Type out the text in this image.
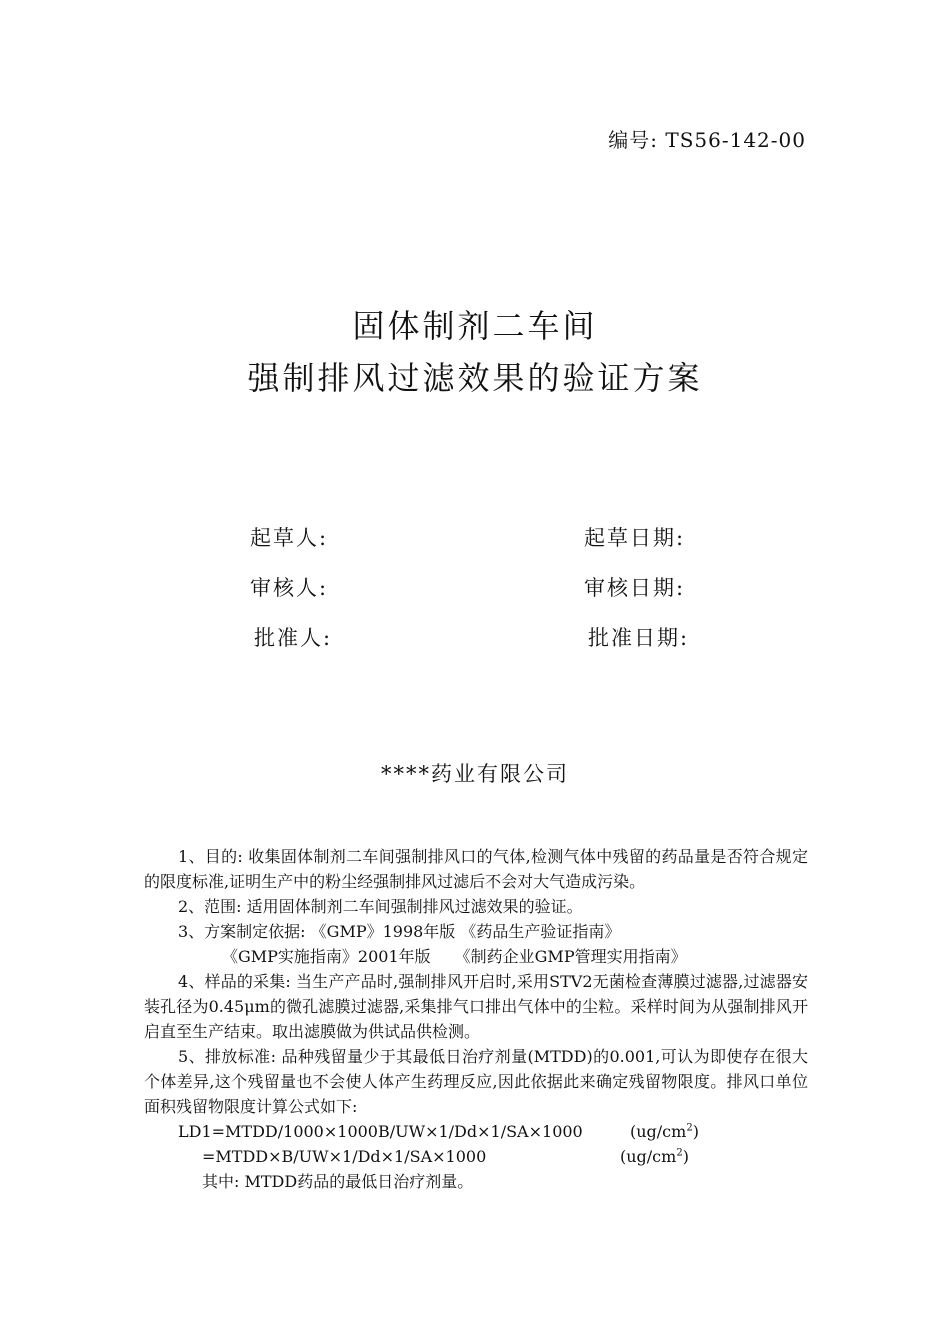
编号: TS56-142-00
固体制剂二车间
强制排风过滤效果的验证方案
起草人:	起草日期:
审核人:	审核日期:
批准人:	批准日期:
****药业有限公司

1、目的: 收集固体制剂二车间强制排风口的气体,检测气体中残留的药品量是否符合规定的限度标准,证明生产中的粉尘经强制排风过滤后不会对大气造成污染。

2、范围: 适用固体制剂二车间强制排风过滤效果的验证。

3、方案制定依据: 《GMP》1998年版 《药品生产验证指南》

《GMP实施指南》2001年版　　《制药企业GMP管理实用指南》

4、样品的采集: 当生产产品时,强制排风开启时,采用STV2无菌检查薄膜过滤器,过滤器安装孔径为0.45μm的微孔滤膜过滤器,采集排气口排出气体中的尘粒。采样时间为从强制排风开启直至生产结束。取出滤膜做为供试品供检测。

5、排放标准: 品种残留量少于其最低日治疗剂量(MTDD)的0.001,可认为即使存在很大个体差异,这个残留量也不会使人体产生药理反应,因此依据此来确定残留物限度。排风口单位面积残留物限度计算公式如下:

LD1=MTDD/1000×1000B/UW×1/Dd×1/SA×1000	$(ug/cm^2)$
=MTDD×B/UW×1/Dd×1/SA×1000	$(ug/cm^2)$

其中: MTDD药品的最低日治疗剂量。
